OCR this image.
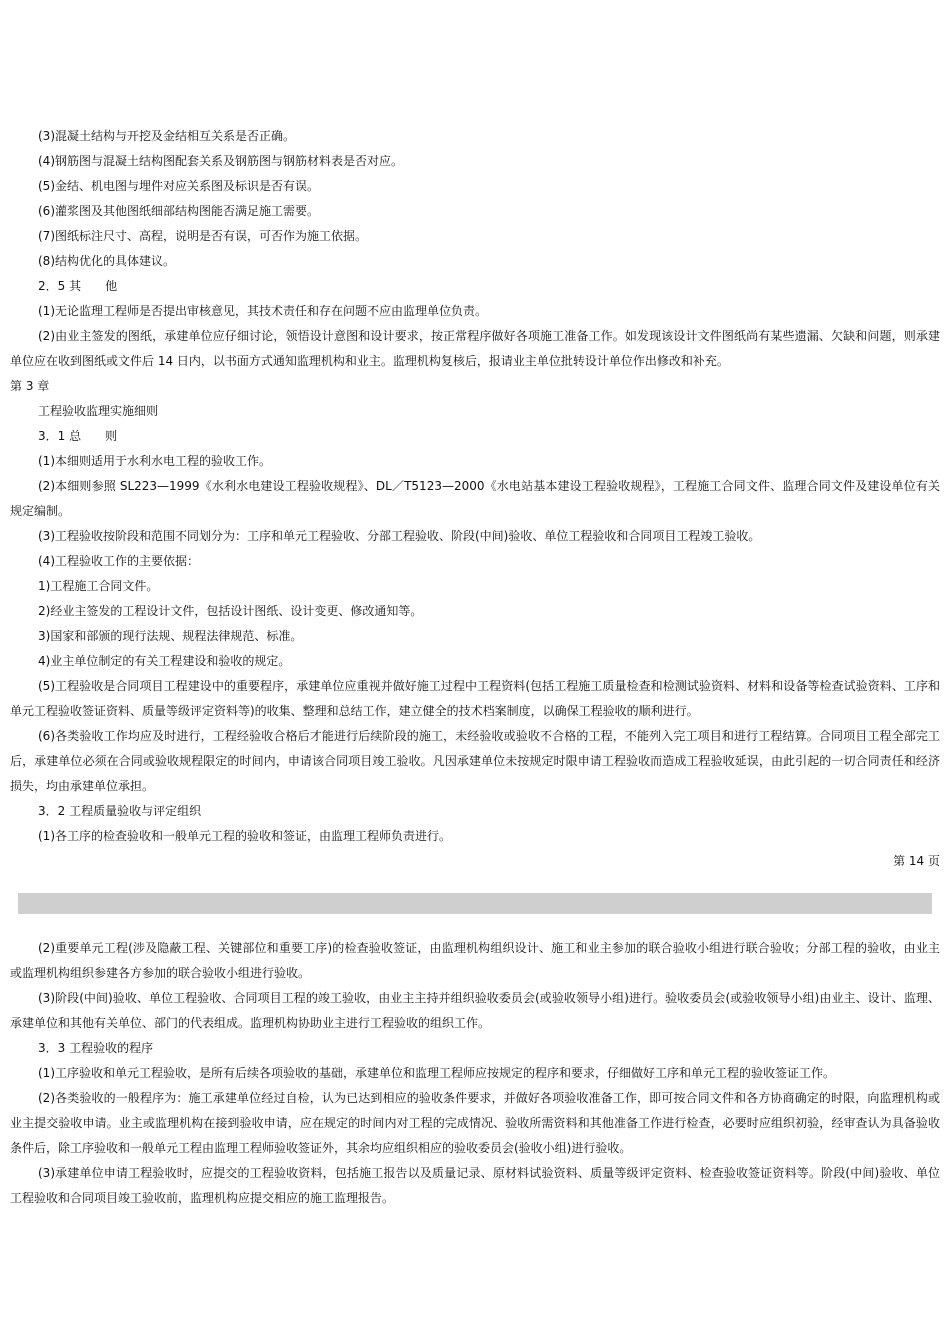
(3)混凝土结构与开挖及金结相互关系是否正确。

(4)钢筋图与混凝土结构图配套关系及钢筋图与钢筋材料表是否对应。

(5)金结、机电图与埋件对应关系图及标识是否有误。

(6)灌浆图及其他图纸细部结构图能否满足施工需要。

(7)图纸标注尺寸、高程，说明是否有误，可否作为施工依据。

(8)结构优化的具体建议。

2．5 其　　他

(1)无论监理工程师是否提出审核意见，其技术责任和存在问题不应由监理单位负责。

(2)由业主签发的图纸，承建单位应仔细讨论，领悟设计意图和设计要求，按正常程序做好各项施工准备工作。如发现该设计文件图纸尚有某些遗漏、欠缺和问题，则承建单位应在收到图纸或文件后 14 日内，以书面方式通知监理机构和业主。监理机构复核后，报请业主单位批转设计单位作出修改和补充。

第 3 章

工程验收监理实施细则

3．1 总　　则

(1)本细则适用于水利水电工程的验收工作。

(2)本细则参照 SL223—1999《水利水电建设工程验收规程》、DL／T5123—2000《水电站基本建设工程验收规程》，工程施工合同文件、监理合同文件及建设单位有关规定编制。

(3)工程验收按阶段和范围不同划分为：工序和单元工程验收、分部工程验收、阶段(中间)验收、单位工程验收和合同项目工程竣工验收。

(4)工程验收工作的主要依据：

1)工程施工合同文件。

2)经业主签发的工程设计文件，包括设计图纸、设计变更、修改通知等。

3)国家和部颁的现行法规、规程法律规范、标准。

4)业主单位制定的有关工程建设和验收的规定。

(5)工程验收是合同项目工程建设中的重要程序，承建单位应重视并做好施工过程中工程资料(包括工程施工质量检查和检测试验资料、材料和设备等检查试验资料、工序和单元工程验收签证资料、质量等级评定资料等)的收集、整理和总结工作，建立健全的技术档案制度，以确保工程验收的顺利进行。

(6)各类验收工作均应及时进行，工程经验收合格后才能进行后续阶段的施工，未经验收或验收不合格的工程，不能列入完工项目和进行工程结算。合同项目工程全部完工后，承建单位必须在合同或验收规程限定的时间内，申请该合同项目竣工验收。凡因承建单位未按规定时限申请工程验收而造成工程验收延误，由此引起的一切合同责任和经济损失，均由承建单位承担。

3．2 工程质量验收与评定组织

(1)各工序的检查验收和一般单元工程的验收和签证，由监理工程师负责进行。

第 14 页

(2)重要单元工程(涉及隐蔽工程、关键部位和重要工序)的检查验收签证，由监理机构组织设计、施工和业主参加的联合验收小组进行联合验收；分部工程的验收，由业主或监理机构组织参建各方参加的联合验收小组进行验收。

(3)阶段(中间)验收、单位工程验收、合同项目工程的竣工验收，由业主主持并组织验收委员会(或验收领导小组)进行。验收委员会(或验收领导小组)由业主、设计、监理、承建单位和其他有关单位、部门的代表组成。监理机构协助业主进行工程验收的组织工作。

3．3 工程验收的程序

(1)工序验收和单元工程验收，是所有后续各项验收的基础，承建单位和监理工程师应按规定的程序和要求，仔细做好工序和单元工程的验收签证工作。

(2)各类验收的一般程序为：施工承建单位经过自检，认为已达到相应的验收条件要求，并做好各项验收准备工作，即可按合同文件和各方协商确定的时限，向监理机构或业主提交验收申请。业主或监理机构在接到验收申请，应在规定的时间内对工程的完成情况、验收所需资料和其他准备工作进行检查，必要时应组织初验，经审查认为具备验收条件后，除工序验收和一般单元工程由监理工程师验收签证外，其余均应组织相应的验收委员会(验收小组)进行验收。

(3)承建单位申请工程验收时，应提交的工程验收资料，包括施工报告以及质量记录、原材料试验资料、质量等级评定资料、检查验收签证资料等。阶段(中间)验收、单位工程验收和合同项目竣工验收前，监理机构应提交相应的施工监理报告。
